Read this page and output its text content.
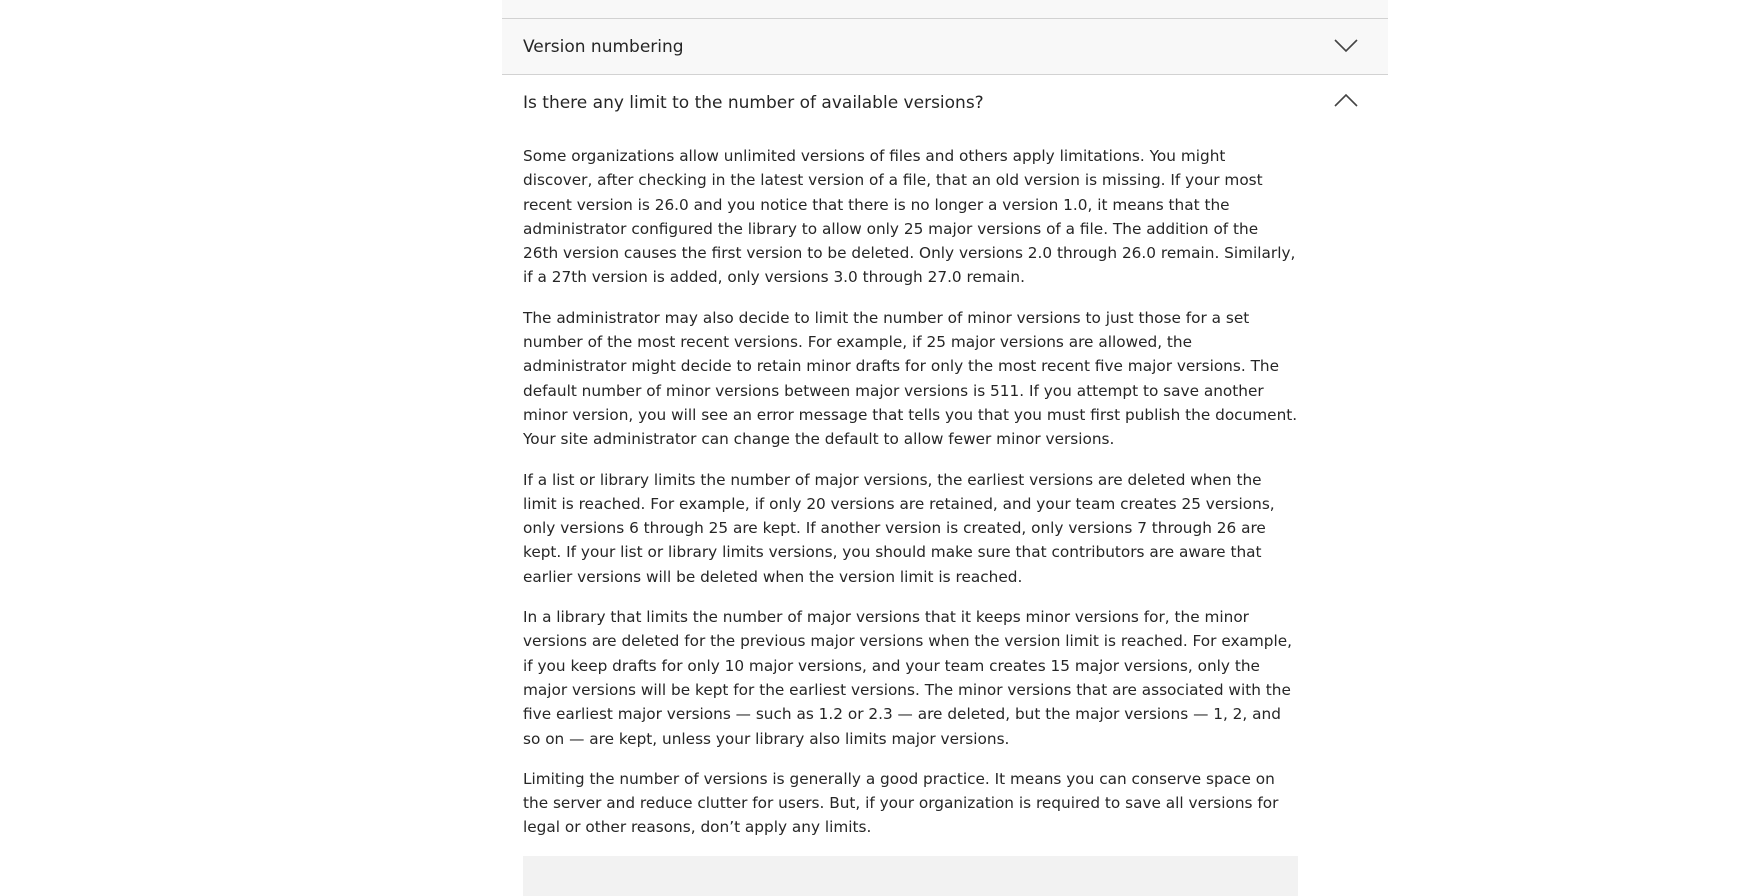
Version numbering
Is there any limit to the number of available versions?

Some organizations allow unlimited versions of files and others apply limitations. You might discover, after checking in the latest version of a file, that an old version is missing. If your most recent version is 26.0 and you notice that there is no longer a version 1.0, it means that the administrator configured the library to allow only 25 major versions of a file. The addition of the 26th version causes the first version to be deleted. Only versions 2.0 through 26.0 remain. Similarly, if a 27th version is added, only versions 3.0 through 27.0 remain.

The administrator may also decide to limit the number of minor versions to just those for a set number of the most recent versions. For example, if 25 major versions are allowed, the administrator might decide to retain minor drafts for only the most recent five major versions. The default number of minor versions between major versions is 511. If you attempt to save another minor version, you will see an error message that tells you that you must first publish the document. Your site administrator can change the default to allow fewer minor versions.

If a list or library limits the number of major versions, the earliest versions are deleted when the limit is reached. For example, if only 20 versions are retained, and your team creates 25 versions, only versions 6 through 25 are kept. If another version is created, only versions 7 through 26 are kept. If your list or library limits versions, you should make sure that contributors are aware that earlier versions will be deleted when the version limit is reached.

In a library that limits the number of major versions that it keeps minor versions for, the minor versions are deleted for the previous major versions when the version limit is reached. For example, if you keep drafts for only 10 major versions, and your team creates 15 major versions, only the major versions will be kept for the earliest versions. The minor versions that are associated with the five earliest major versions — such as 1.2 or 2.3 — are deleted, but the major versions — 1, 2, and so on — are kept, unless your library also limits major versions.

Limiting the number of versions is generally a good practice. It means you can conserve space on the server and reduce clutter for users. But, if your organization is required to save all versions for legal or other reasons, don’t apply any limits.
